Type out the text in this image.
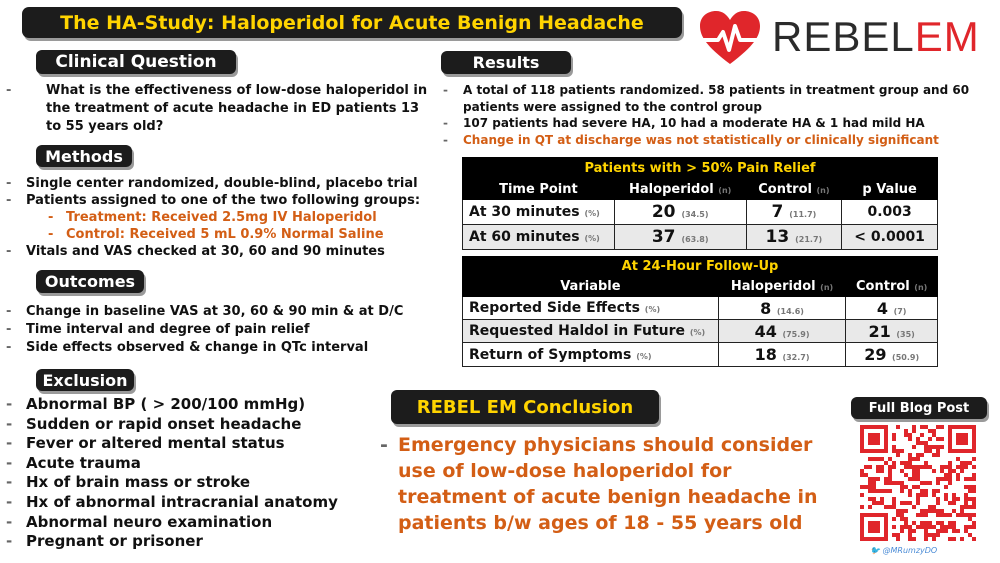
The HA-Study: Haloperidol for Acute Benign Headache	REBELEM
Clinical Question
- What is the effectiveness of low-dose haloperidol in the treatment of acute headache in ED patients 13 to 55 years old?
Methods
- Single center randomized, double-blind, placebo trial
- Patients assigned to one of the two following groups:
- Treatment: Received 2.5mg IV Haloperidol
- Control: Received 5 mL 0.9% Normal Saline
- Vitals and VAS checked at 30, 60 and 90 minutes
Outcomes
- Change in baseline VAS at 30, 60 & 90 min & at D/C
- Time interval and degree of pain relief
- Side effects observed & change in QTc interval
Exclusion
- Abnormal BP ( > 200/100 mmHg)
- Sudden or rapid onset headache
- Fever or altered mental status
- Acute trauma
- Hx of brain mass or stroke
- Hx of abnormal intracranial anatomy
- Abnormal neuro examination
- Pregnant or prisoner
Results
- A total of 118 patients randomized. 58 patients in treatment group and 60 patients were assigned to the control group
- 107 patients had severe HA, 10 had a moderate HA & 1 had mild HA
- Change in QT at discharge was not statistically or clinically significant
Patients with > 50% Pain Relief			
Time Point	Haloperidol (n)	Control (n)	p Value
At 30 minutes (%)	20 (34.5)	7 (11.7)	0.003
At 60 minutes (%)	37 (63.8)	13 (21.7)	< 0.0001
At 24-Hour Follow-Up		
Variable	Haloperidol (n)	Control (n)
Reported Side Effects (%)	8 (14.6)	4 (7)
Requested Haldol in Future (%)	44 (75.9)	21 (35)
Return of Symptoms (%)	18 (32.7)	29 (50.9)
REBEL EM Conclusion
- Emergency physicians should consider use of low-dose haloperidol for treatment of acute benign headache in patients b/w ages of 18 - 55 years old
Full Blog Post
🐦 @MRumzyDO
